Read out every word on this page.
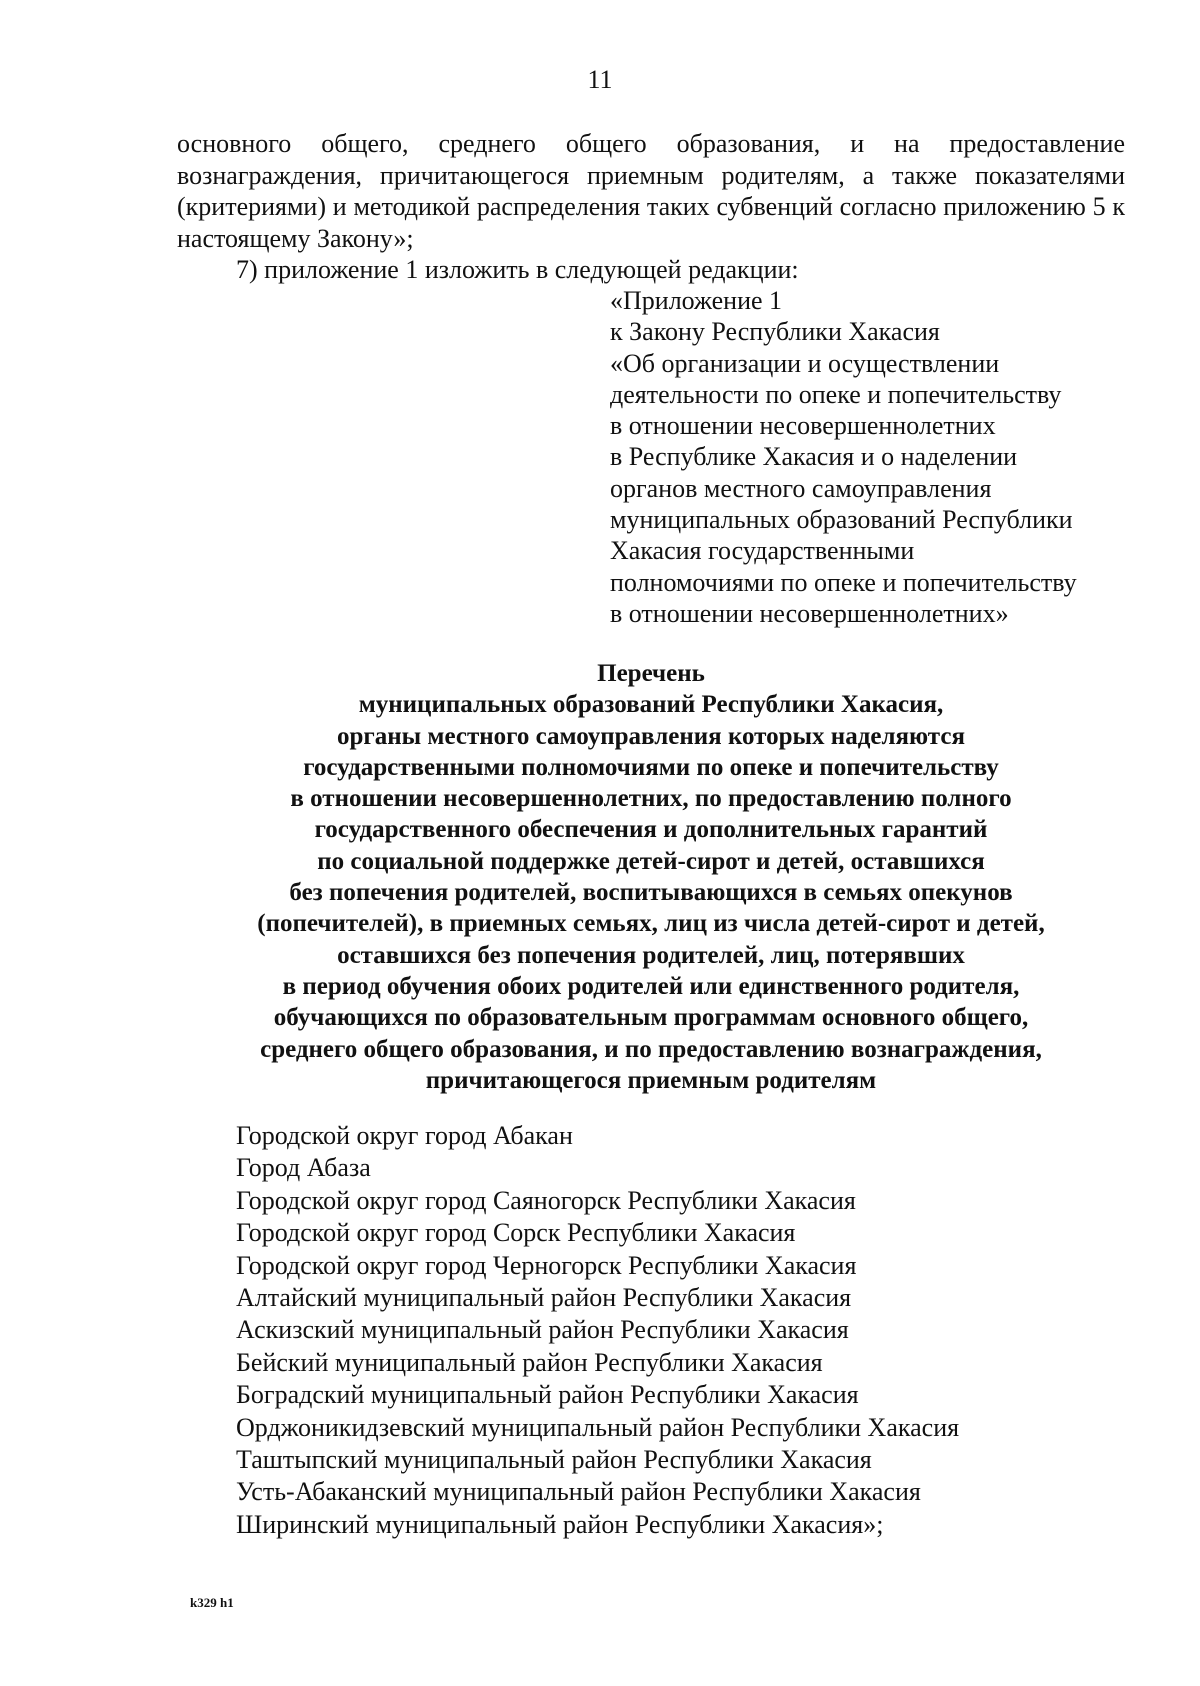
11

основного общего, среднего общего образования, и на предоставление вознаграждения, причитающегося приемным родителям, а также показателями (критериями) и методикой распределения таких субвенций согласно приложению 5 к настоящему Закону»;

7) приложение 1 изложить в следующей редакции:
«Приложение 1
к Закону Республики Хакасия
«Об организации и осуществлении
деятельности по опеке и попечительству
в отношении несовершеннолетних
в Республике Хакасия и о наделении
органов местного самоуправления
муниципальных образований Республики
Хакасия государственными
полномочиями по опеке и попечительству
в отношении несовершеннолетних»
Перечень
муниципальных образований Республики Хакасия,
органы местного самоуправления которых наделяются
государственными полномочиями по опеке и попечительству
в отношении несовершеннолетних, по предоставлению полного
государственного обеспечения и дополнительных гарантий
по социальной поддержке детей-сирот и детей, оставшихся
без попечения родителей, воспитывающихся в семьях опекунов
(попечителей), в приемных семьях, лиц из числа детей-сирот и детей,
оставшихся без попечения родителей, лиц, потерявших
в период обучения обоих родителей или единственного родителя,
обучающихся по образовательным программам основного общего,
среднего общего образования, и по предоставлению вознаграждения,
причитающегося приемным родителям
Городской округ город Абакан
Город Абаза
Городской округ город Саяногорск Республики Хакасия
Городской округ город Сорск Республики Хакасия
Городской округ город Черногорск Республики Хакасия
Алтайский муниципальный район Республики Хакасия
Аскизский муниципальный район Республики Хакасия
Бейский муниципальный район Республики Хакасия
Боградский муниципальный район Республики Хакасия
Орджоникидзевский муниципальный район Республики Хакасия
Таштыпский муниципальный район Республики Хакасия
Усть-Абаканский муниципальный район Республики Хакасия
Ширинский муниципальный район Республики Хакасия»;
k329 h1
